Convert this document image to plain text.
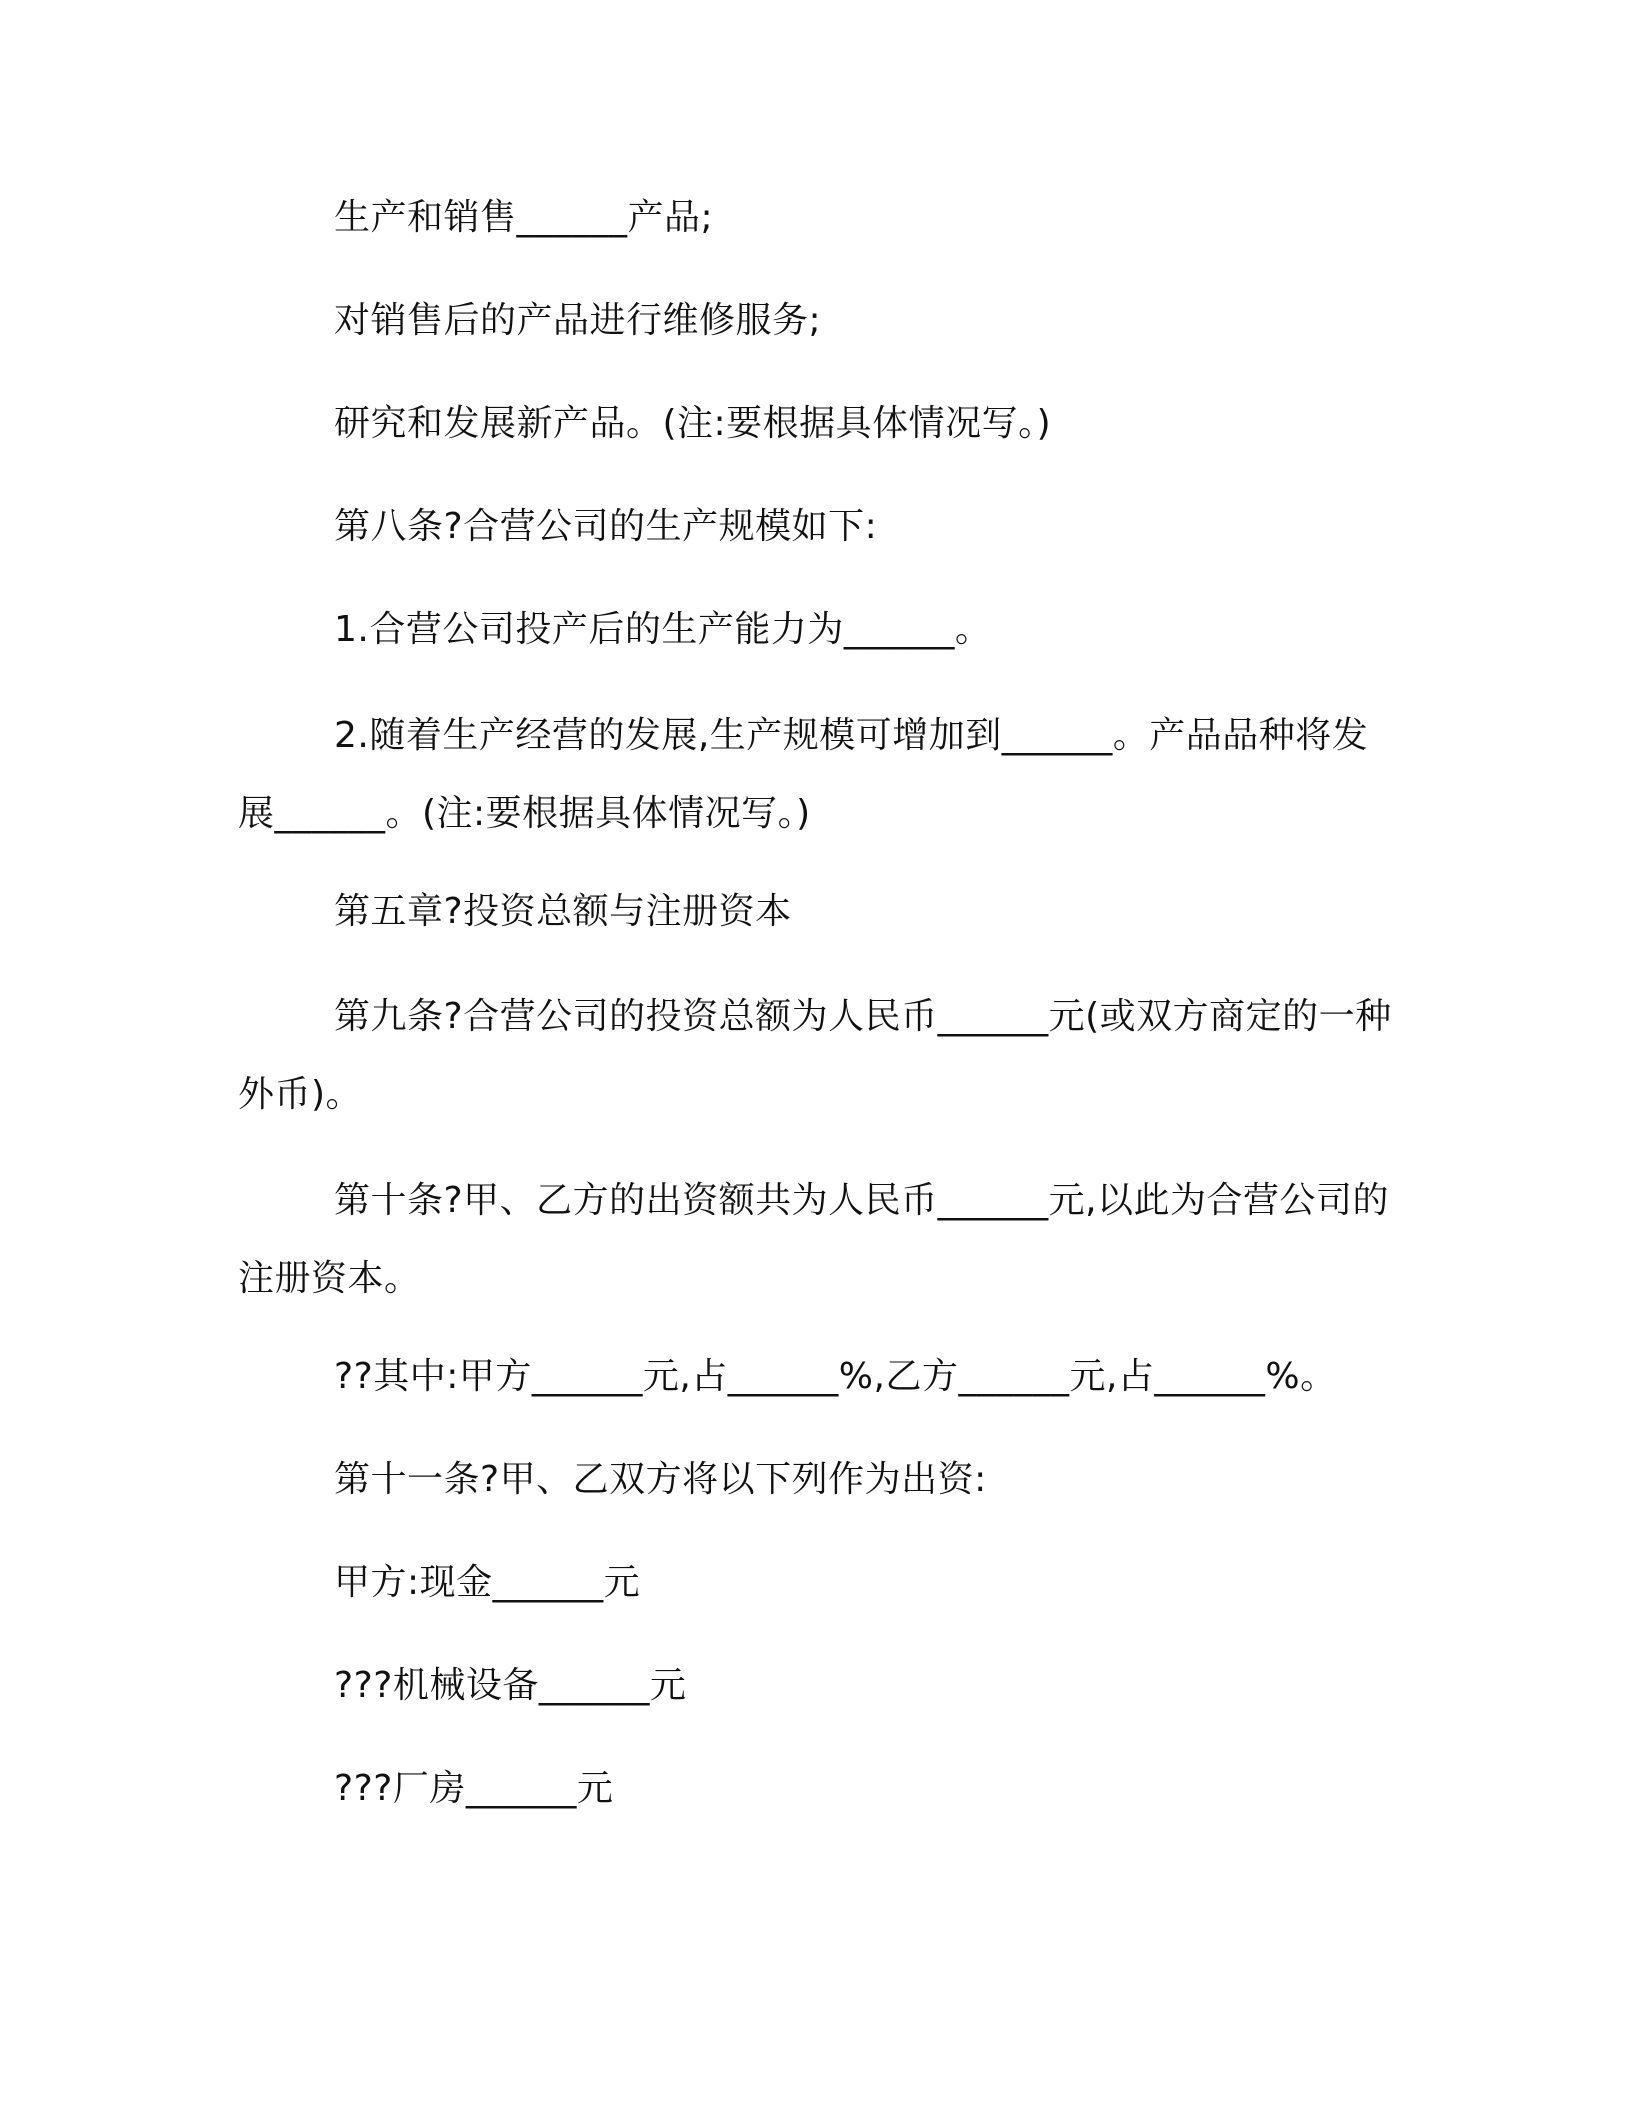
生产和销售______产品;
对销售后的产品进行维修服务;
研究和发展新产品。(注:要根据具体情况写。)
第八条?合营公司的生产规模如下:
1.合营公司投产后的生产能力为______。
2.随着生产经营的发展,生产规模可增加到______。产品品种将发展______。(注:要根据具体情况写。)
第五章?投资总额与注册资本
第九条?合营公司的投资总额为人民币______元(或双方商定的一种外币)。
第十条?甲、乙方的出资额共为人民币______元,以此为合营公司的注册资本。
??其中:甲方______元,占______%,乙方______元,占______%。
第十一条?甲、乙双方将以下列作为出资:
甲方:现金______元
???机械设备______元
???厂房______元
